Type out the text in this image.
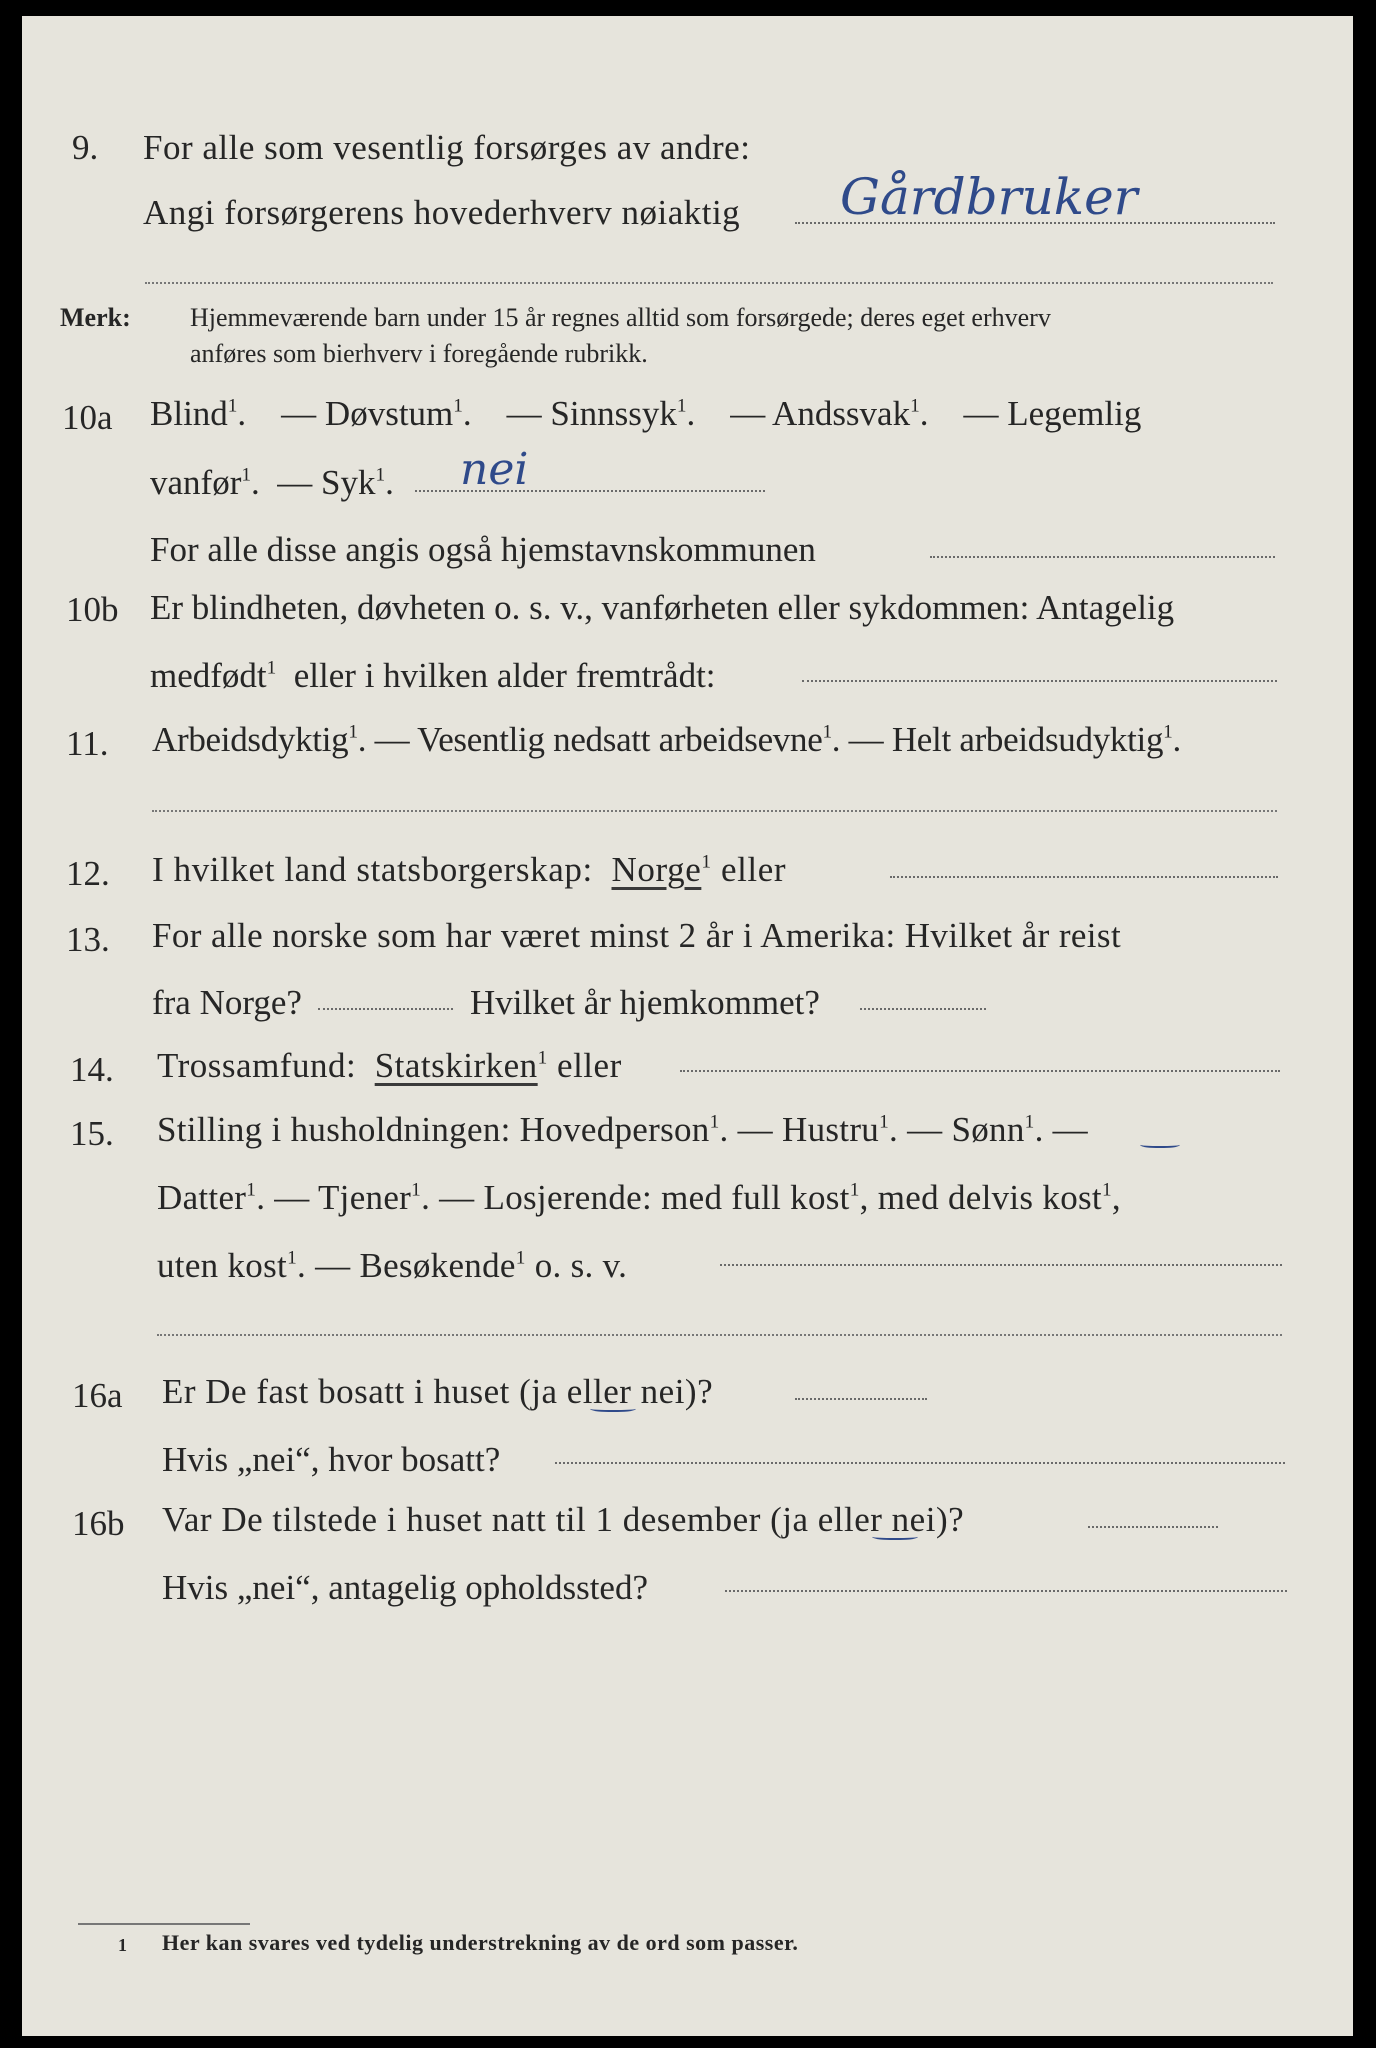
9. For alle som vesentlig forsørges av andre:
Angi forsørgerens hovederhverv nøiaktig Gårdbruker
Merk: Hjemmeværende barn under 15 år regnes alltid som forsørgede; deres eget erhverv
anføres som bierhverv i foregående rubrikk.
10a Blind$^1$.    — Døvstum$^1$.    — Sinnssyk$^1$.    — Andssvak$^1$.    — Legemlig
vanfør$^1$.  — Syk$^1$. nei
For alle disse angis også hjemstavnskommunen
10b Er blindheten, døvheten o. s. v., vanførheten eller sykdommen: Antagelig
medfødt$^1$ eller i hvilken alder fremtrådt:
11. Arbeidsdyktig$^1$. — Vesentlig nedsatt arbeidsevne$^1$. — Helt arbeidsudyktig$^1$.
12. I hvilket land statsborgerskap: Norge$^1$ eller
13. For alle norske som har været minst 2 år i Amerika: Hvilket år reist
fra Norge?	Hvilket år hjemkommet?
14. Trossamfund: Statskirken$^1$ eller
15. Stilling i husholdningen: Hovedperson$^1$. — Hustru$^1$. — Sønn$^1$. —
Datter$^1$. — Tjener$^1$. — Losjerende: med full kost$^1$, med delvis kost$^1$,
uten kost$^1$. — Besøkende$^1$ o. s. v.
16a Er De fast bosatt i huset (ja eller nei)?
Hvis „nei“, hvor bosatt?
16b Var De tilstede i huset natt til 1 desember (ja eller nei)?
Hvis „nei“, antagelig opholdssted?
1 Her kan svares ved tydelig understrekning av de ord som passer.
